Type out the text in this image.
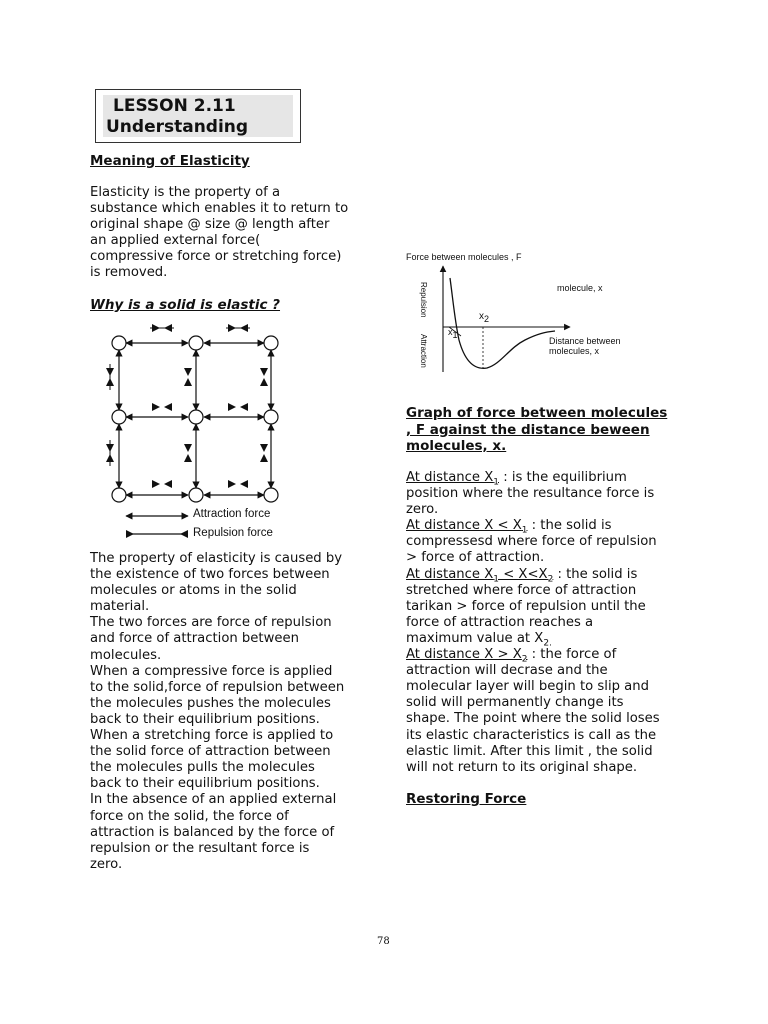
LESSON 2.11
Understanding
Meaning of Elasticity

Elasticity is the property of a

substance which enables it to return to

original shape @ size @ length after

an applied external force(

compressive force or stretching force)

is removed.

Why is a solid is elastic ?
Attraction force
Repulsion force

The property of elasticity is caused by

the existence of two forces between

molecules or atoms in the solid

material.

The two forces are force of repulsion

and force of attraction between

molecules.

When a compressive force is applied

to the solid,force of repulsion between

the molecules pushes the molecules

back to their equilibrium positions.

When a stretching force is applied to

the solid force of attraction between

the molecules pulls the molecules

back to their equilibrium positions.

In the absence of an applied external

force on the solid, the force of

attraction is balanced by the force of

repulsion or the resultant force is

zero.

Force between molecules , F
Repulsion
Attraction
molecule, x
Distance between
molecules, x
$x_2$
$x_1$
Graph of force between molecules
, F against the distance beween
molecules, x.

At distance $X_1$ : is the equilibrium

position where the resultance force is

zero.

At distance $X < X_1$ : the solid is

compressesd where force of repulsion

> force of attraction.

At distance $X_1 < X<X_2$ : the solid is

stretched where force of attraction

tarikan > force of repulsion until the

force of attraction reaches a

maximum value at $X_{2.}$

At distance $X > X_2$ : the force of

attraction will decrase and the

molecular layer will begin to slip and

solid will permanently change its

shape. The point where the solid loses

its elastic characteristics is call as the

elastic limit. After this limit , the solid

will not return to its original shape.

Restoring Force
78
